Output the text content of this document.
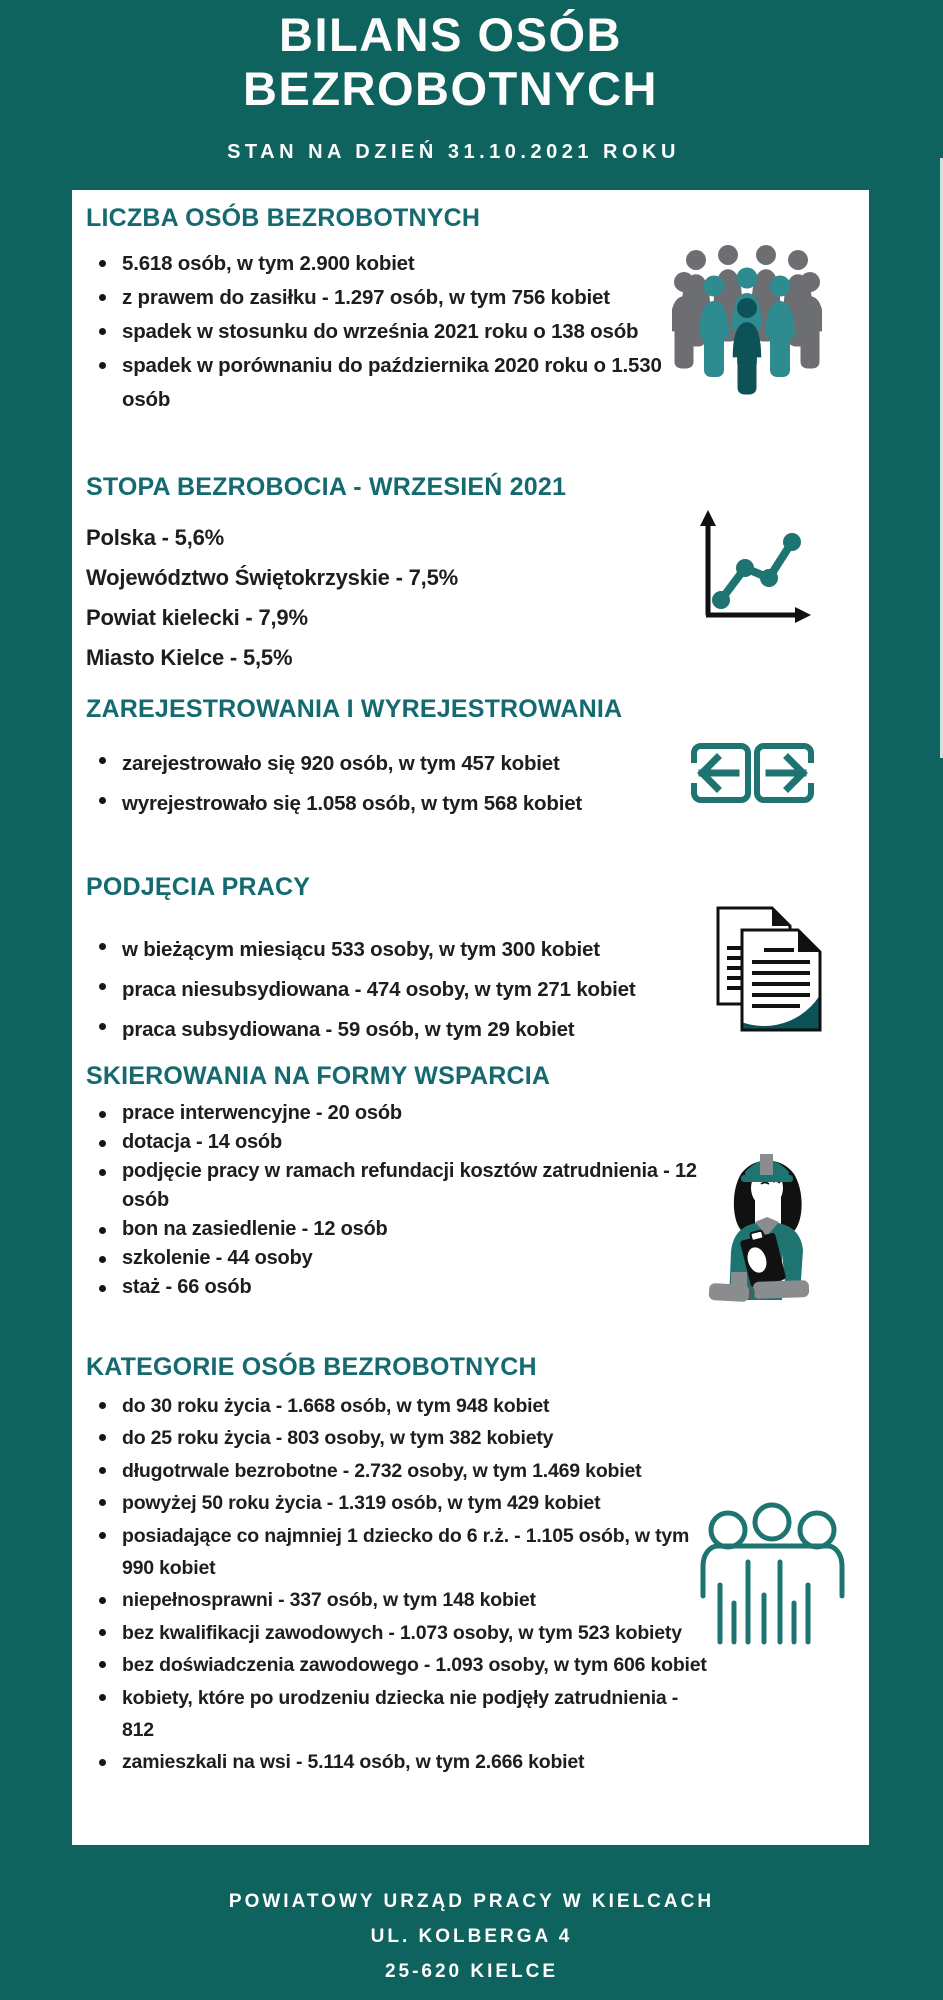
BILANS OSÓB
BEZROBOTNYCH
STAN NA DZIEŃ 31.10.2021 ROKU
LICZBA OSÓB BEZROBOTNYCH
5.618 osób, w tym 2.900 kobiet
z prawem do zasiłku - 1.297 osób, w tym 756 kobiet
spadek w stosunku do września 2021 roku o 138 osób
spadek w porównaniu do października 2020 roku o 1.530 osób
STOPA BEZROBOCIA - WRZESIEŃ 2021

Polska - 5,6%

Województwo Świętokrzyskie - 7,5%

Powiat kielecki - 7,9%

Miasto Kielce - 5,5%

ZAREJESTROWANIA I WYREJESTROWANIA
zarejestrowało się 920 osób, w tym 457 kobiet
wyrejestrowało się 1.058 osób, w tym 568 kobiet
PODJĘCIA PRACY
w bieżącym miesiącu 533 osoby, w tym 300 kobiet
praca niesubsydiowana - 474 osoby, w tym 271 kobiet
praca subsydiowana - 59 osób, w tym 29 kobiet
SKIEROWANIA NA FORMY WSPARCIA
prace interwencyjne - 20 osób
dotacja - 14 osób
podjęcie pracy w ramach refundacji kosztów zatrudnienia - 12 osób
bon na zasiedlenie - 12 osób
szkolenie - 44 osoby
staż - 66 osób
KATEGORIE OSÓB BEZROBOTNYCH
do 30 roku życia - 1.668 osób, w tym 948 kobiet
do 25 roku życia - 803 osoby, w tym 382 kobiety
długotrwale bezrobotne - 2.732 osoby, w tym 1.469 kobiet
powyżej 50 roku życia - 1.319 osób, w tym 429 kobiet
posiadające co najmniej 1 dziecko do 6 r.ż. - 1.105 osób, w tym 990 kobiet
niepełnosprawni - 337 osób, w tym 148 kobiet
bez kwalifikacji zawodowych - 1.073 osoby, w tym 523 kobiety
bez doświadczenia zawodowego - 1.093 osoby, w tym 606 kobiet
kobiety, które po urodzeniu dziecka nie podjęły zatrudnienia - 812
zamieszkali na wsi - 5.114 osób, w tym 2.666 kobiet

POWIATOWY URZĄD PRACY W KIELCACH

UL. KOLBERGA 4

25-620 KIELCE
